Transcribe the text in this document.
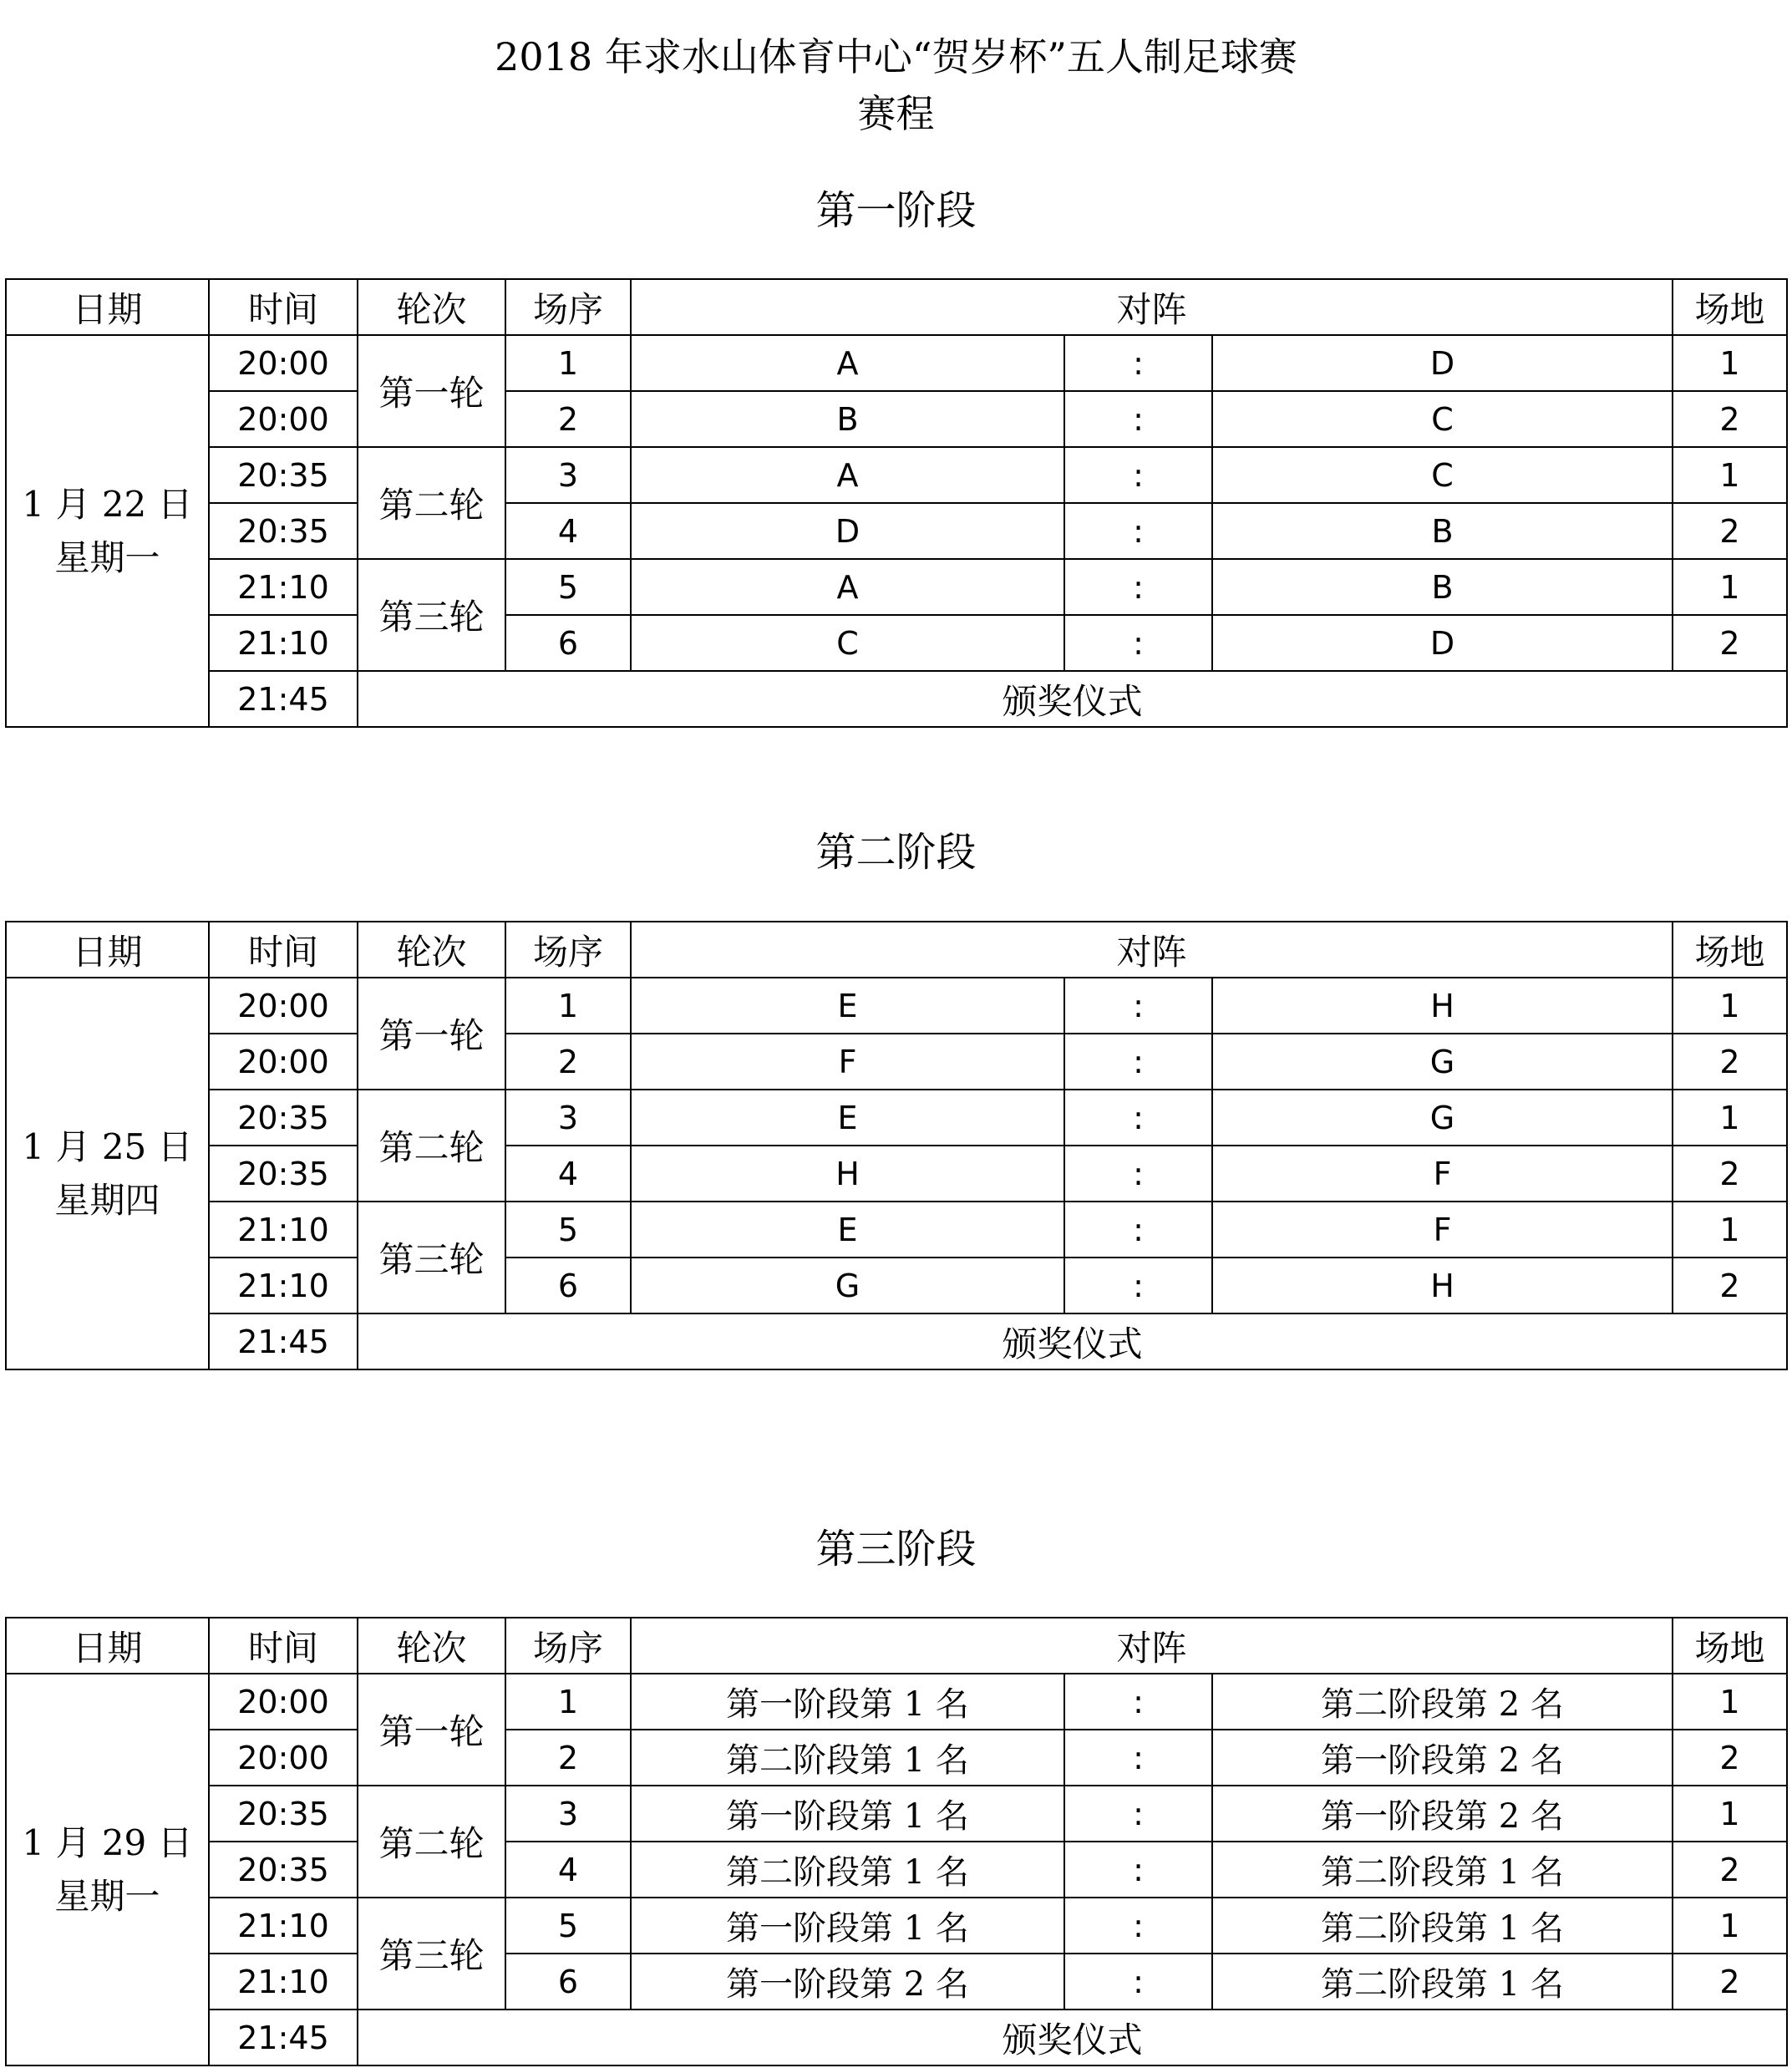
2018 年求水山体育中心“贺岁杯”五人制足球赛
赛程
第一阶段
日期	时间	轮次	场序	对阵			场地

1 月 22 日
星期一	20:00	第一轮	1	A	:	D	1
	20:00		2	B	:	C	2
	20:35	第二轮	3	A	:	C	1
	20:35		4	D	:	B	2
	21:10	第三轮	5	A	:	B	1
	21:10		6	C	:	D	2
	21:45	颁奖仪式					
第二阶段
日期	时间	轮次	场序	对阵			场地

1 月 25 日
星期四	20:00	第一轮	1	E	:	H	1
	20:00		2	F	:	G	2
	20:35	第二轮	3	E	:	G	1
	20:35		4	H	:	F	2
	21:10	第三轮	5	E	:	F	1
	21:10		6	G	:	H	2
	21:45	颁奖仪式					
第三阶段
日期	时间	轮次	场序	对阵			场地

1 月 29 日
星期一	20:00	第一轮	1	第一阶段第 1 名	:	第二阶段第 2 名	1
	20:00		2	第二阶段第 1 名	:	第一阶段第 2 名	2
	20:35	第二轮	3	第一阶段第 1 名	:	第一阶段第 2 名	1
	20:35		4	第二阶段第 1 名	:	第二阶段第 1 名	2
	21:10	第三轮	5	第一阶段第 1 名	:	第二阶段第 1 名	1
	21:10		6	第一阶段第 2 名	:	第二阶段第 1 名	2
	21:45	颁奖仪式					
